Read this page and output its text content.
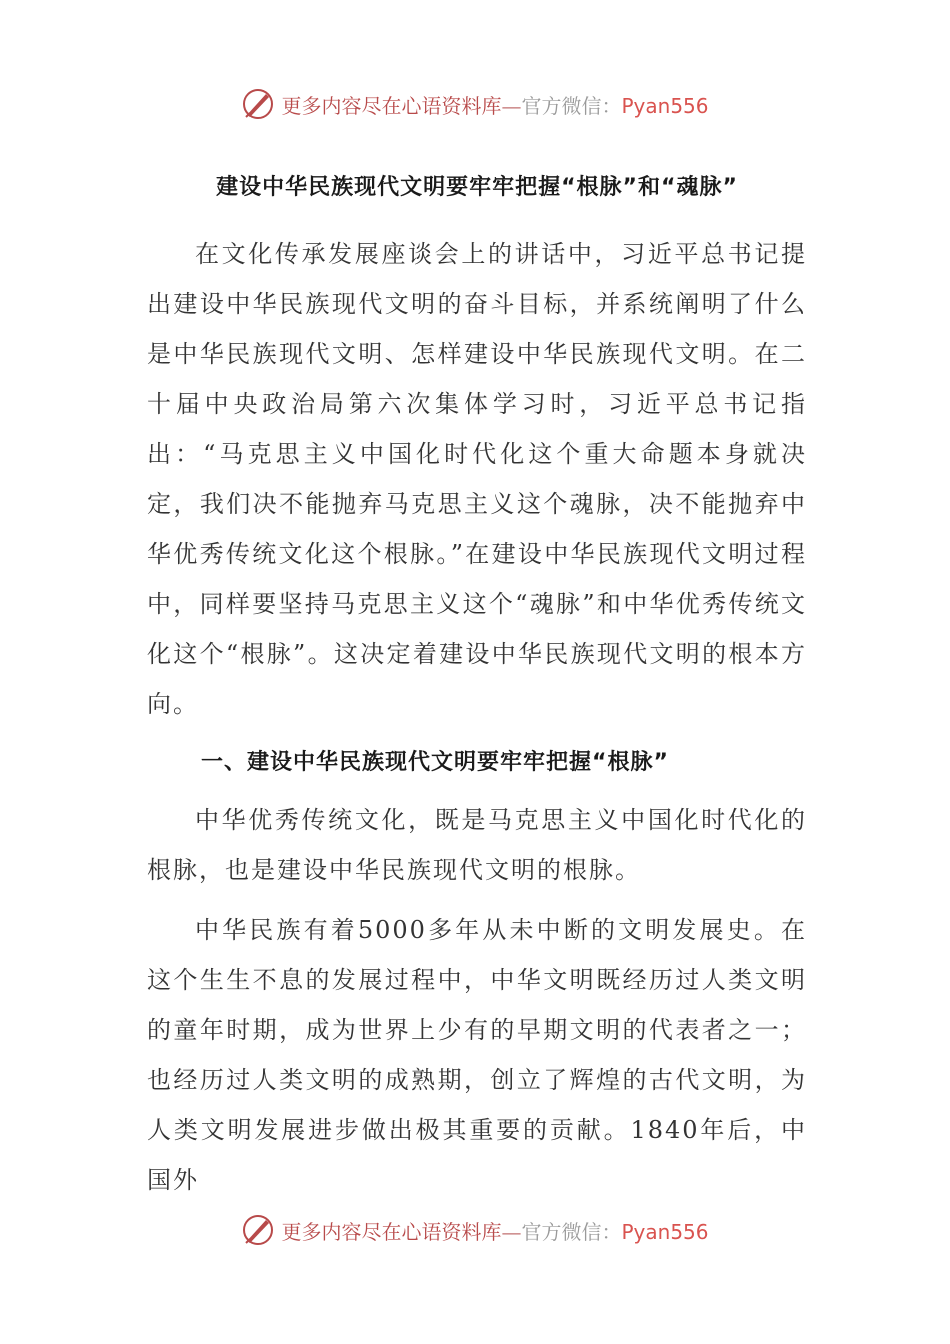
更多内容尽在心语资料库—官方微信：Pyan556
建设中华民族现代文明要牢牢把握“根脉”和“魂脉”

在文化传承发展座谈会上的讲话中，习近平总书记提出建设中华民族现代文明的奋斗目标，并系统阐明了什么是中华民族现代文明、怎样建设中华民族现代文明。在二十届中央政治局第六次集体学习时，习近平总书记指出：“马克思主义中国化时代化这个重大命题本身就决定，我们决不能抛弃马克思主义这个魂脉，决不能抛弃中华优秀传统文化这个根脉。”在建设中华民族现代文明过程中，同样要坚持马克思主义这个“魂脉”和中华优秀传统文化这个“根脉”。这决定着建设中华民族现代文明的根本方向。

一、建设中华民族现代文明要牢牢把握“根脉”

中华优秀传统文化，既是马克思主义中国化时代化的根脉，也是建设中华民族现代文明的根脉。

中华民族有着5000多年从未中断的文明发展史。在这个生生不息的发展过程中，中华文明既经历过人类文明的童年时期，成为世界上少有的早期文明的代表者之一；也经历过人类文明的成熟期，创立了辉煌的古代文明，为人类文明发展进步做出极其重要的贡献。1840年后，中国外

更多内容尽在心语资料库—官方微信：Pyan556
